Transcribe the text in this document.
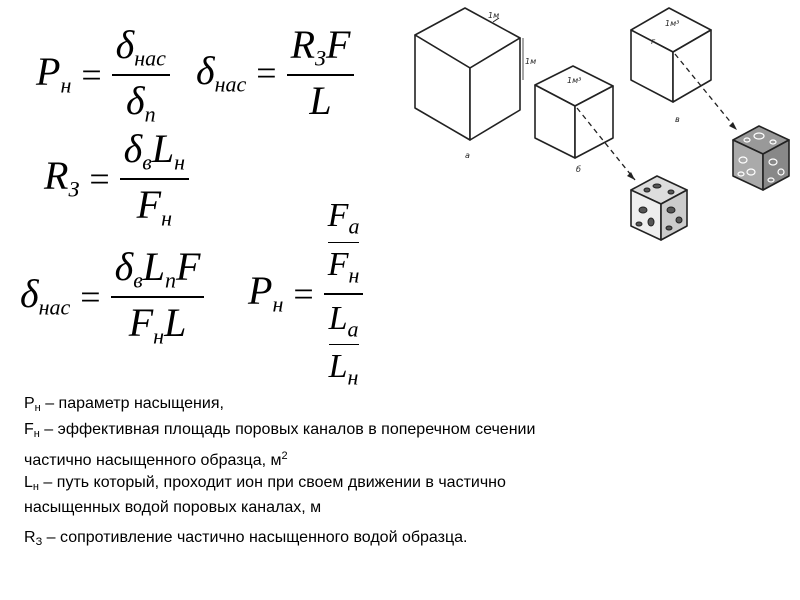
$P_н = \frac{\delta_{нас}}{\delta_п} \delta_{нас} = \frac{R_ЗF}{L}$
$R_З = \frac{\delta_вL_н}{F_н}$
$\delta_{нас} = \frac{\delta_вL_пF}{F_нL} P_н = \frac{\frac{F_а}{F_н}}{\frac{L_а}{L_н}}$
1м
1м
1м³
1м³
г
а
б
в

Рн – параметр насыщения,

Fн – эффективная площадь поровых каналов в поперечном сечении частично насыщенного образца, $м^2$

Lн – путь который, проходит ион при своем движении в частично насыщенных водой поровых каналах, м

RЗ – сопротивление частично насыщенного водой образца.
